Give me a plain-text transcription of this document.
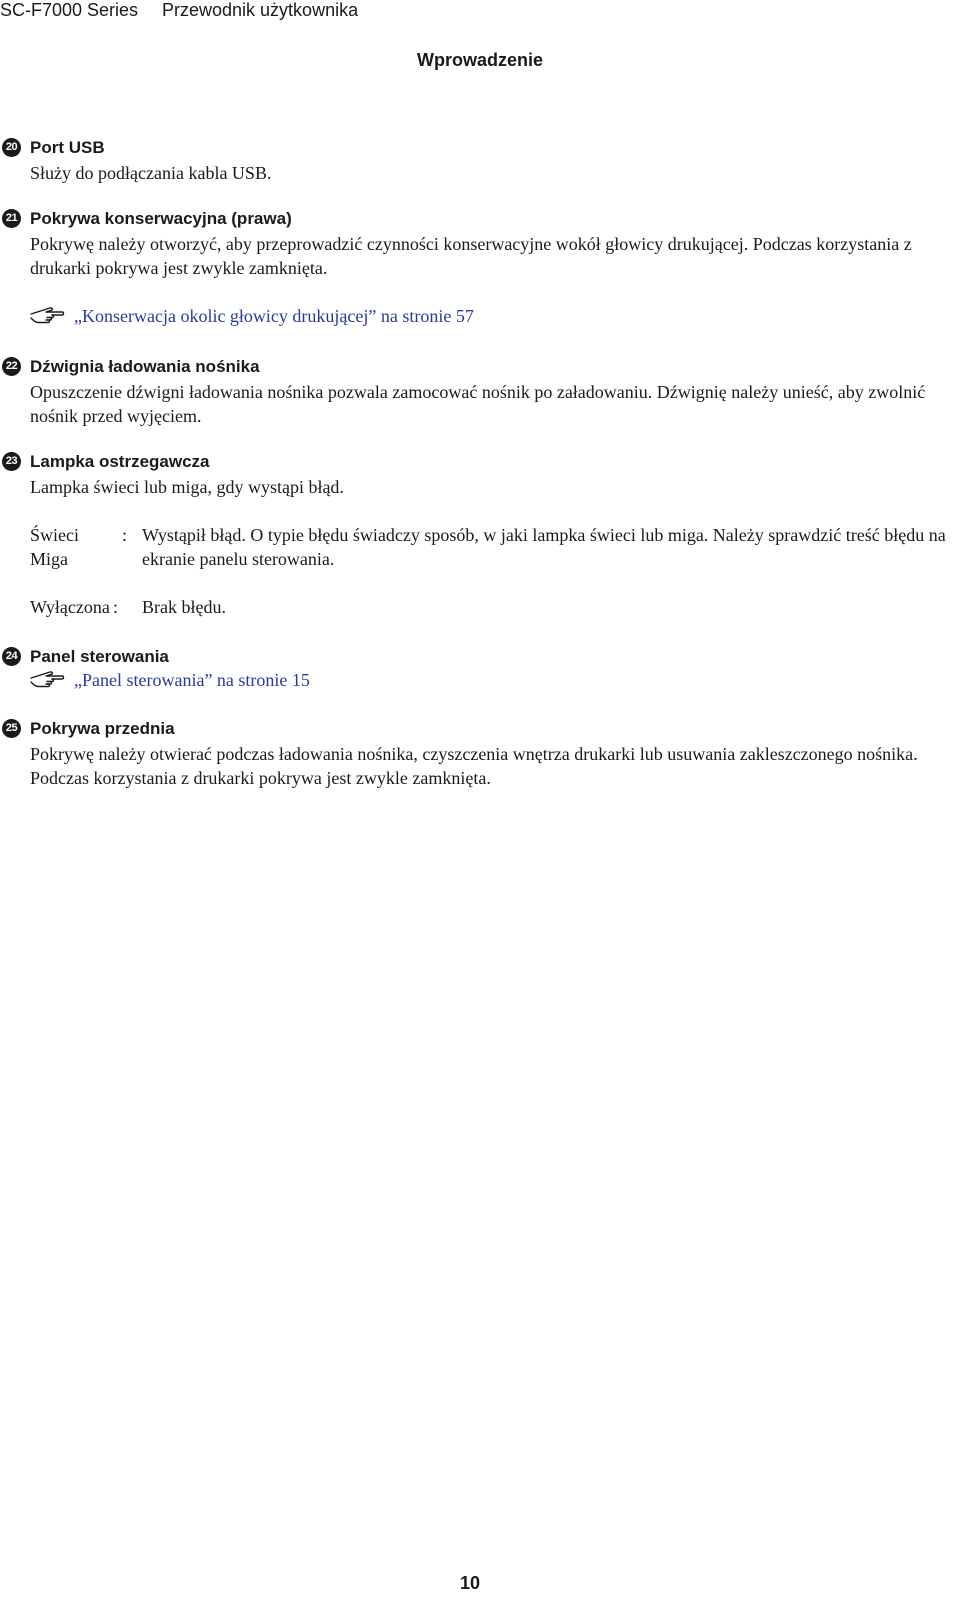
SC-F7000 Series Przewodnik użytkownika
Wprowadzenie
20 Port USB
Służy do podłączania kabla USB.
21 Pokrywa konserwacyjna (prawa)
Pokrywę należy otworzyć, aby przeprowadzić czynności konserwacyjne wokół głowicy drukującej. Podczas korzystania z drukarki pokrywa jest zwykle zamknięta.
„Konserwacja okolic głowicy drukującej” na stronie 57
22 Dźwignia ładowania nośnika
Opuszczenie dźwigni ładowania nośnika pozwala zamocować nośnik po załadowaniu. Dźwignię należy unieść, aby zwolnić nośnik przed wyjęciem.
23 Lampka ostrzegawcza
Lampka świeci lub miga, gdy wystąpi błąd.
Świeci
Miga
: Wystąpił błąd. O typie błędu świadczy sposób, w jaki lampka świeci lub miga. Należy sprawdzić treść błędu na ekranie panelu sterowania.
Wyłączona : Brak błędu.
24 Panel sterowania
„Panel sterowania” na stronie 15
25 Pokrywa przednia
Pokrywę należy otwierać podczas ładowania nośnika, czyszczenia wnętrza drukarki lub usuwania zakleszczonego nośnika. Podczas korzystania z drukarki pokrywa jest zwykle zamknięta.
10
